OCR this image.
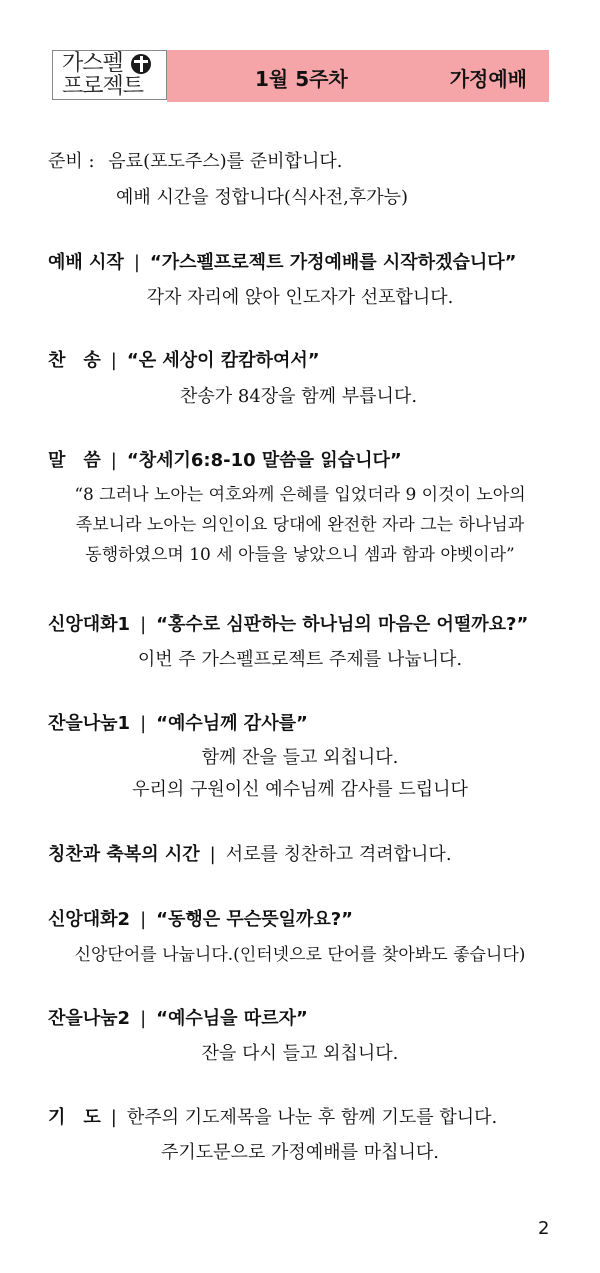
가스펠
프로젝트	1월 5주차	가정예배
준비 : 음료(포도주스)를 준비합니다.
예배 시간을 정합니다(식사전,후가능)
예배 시작 | “가스펠프로젝트 가정예배를 시작하겠습니다”
각자 자리에 앉아 인도자가 선포합니다.
찬　송 | “온 세상이 캄캄하여서”
찬송가 84장을 함께 부릅니다.
말　씀 | “창세기6:8-10 말씀을 읽습니다”
“8 그러나 노아는 여호와께 은혜를 입었더라 9 이것이 노아의
족보니라 노아는 의인이요 당대에 완전한 자라 그는 하나님과
동행하였으며 10 세 아들을 낳았으니 셈과 함과 야벳이라”
신앙대화1 | “홍수로 심판하는 하나님의 마음은 어떨까요?”
이번 주 가스펠프로젝트 주제를 나눕니다.
잔을나눔1 | “예수님께 감사를”
함께 잔을 들고 외칩니다.
우리의 구원이신 예수님께 감사를 드립니다
칭찬과 축복의 시간 | 서로를 칭찬하고 격려합니다.
신앙대화2 | “동행은 무슨뜻일까요?”
신앙단어를 나눕니다.(인터넷으로 단어를 찾아봐도 좋습니다)
잔을나눔2 | “예수님을 따르자”
잔을 다시 들고 외칩니다.
기　도 | 한주의 기도제목을 나눈 후 함께 기도를 합니다.
주기도문으로 가정예배를 마칩니다.
2
